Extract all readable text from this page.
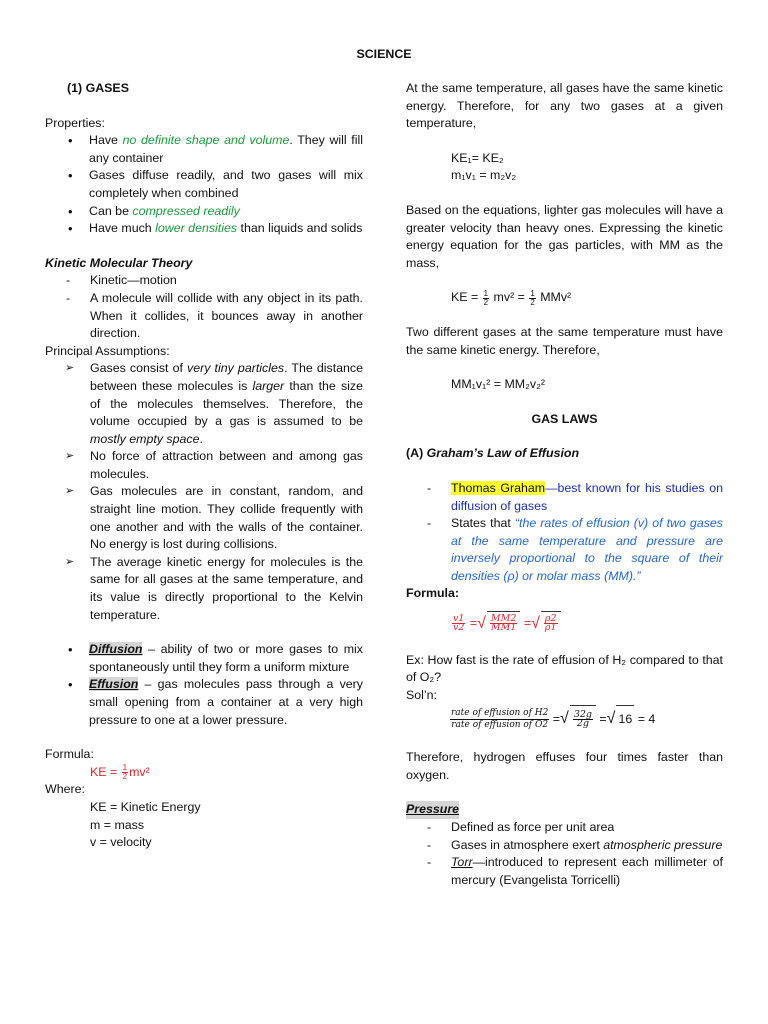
SCIENCE

(1) GASES

Properties:

• Have no definite shape and volume. They will fill any container
• Gases diffuse readily, and two gases will mix completely when combined
• Can be compressed readily
• Have much lower densities than liquids and solids

Kinetic Molecular Theory

- Kinetic—motion
- A molecule will collide with any object in its path. When it collides, it bounces away in another direction.

Principal Assumptions:

➢ Gases consist of very tiny particles. The distance between these molecules is larger than the size of the molecules themselves. Therefore, the volume occupied by a gas is assumed to be mostly empty space.
➢ No force of attraction between and among gas molecules.
➢ Gas molecules are in constant, random, and straight line motion. They collide frequently with one another and with the walls of the container. No energy is lost during collisions.
➢ The average kinetic energy for molecules is the same for all gases at the same temperature, and its value is directly proportional to the Kelvin temperature.
• Diffusion – ability of two or more gases to mix spontaneously until they form a uniform mixture
• Effusion – gas molecules pass through a very small opening from a container at a very high pressure to one at a lower pressure.

Formula:

KE = $\frac{1}{2} mv^2$

Where:

KE = Kinetic Energy

m = mass

v = velocity

At the same temperature, all gases have the same kinetic energy. Therefore, for any two gases at a given temperature,

KE₁= KE₂

m₁v₁ = m₂v₂

Based on the equations, lighter gas molecules will have a greater velocity than heavy ones. Expressing the kinetic energy equation for the gas particles, with MM as the mass,

KE = $\frac{1}{2} mv^2 = \frac{1}{2} MMv^2$

Two different gases at the same temperature must have the same kinetic energy. Therefore,

MM₁v₁² = MM₂v₂²

GAS LAWS

(A) Graham’s Law of Effusion

- Thomas Graham—best known for his studies on diffusion of gases
- States that “the rates of effusion (v) of two gases at the same temperature and pressure are inversely proportional to the square of their densities (ρ) or molar mass (MM).”

Formula:

$\frac{v1}{v2}$ =√ $\frac{MM2}{MM1}$ =√ $\frac{\rho 2}{\rho 1}$

Ex: How fast is the rate of effusion of H₂ compared to that of O₂?

Sol’n:

$\frac{\text{rate of effusion of H2}}{\text{rate of effusion of O2}}$ =√ $\frac{32g}{2g}$ =√ 16 = 4

Therefore, hydrogen effuses four times faster than oxygen.

Pressure

- Defined as force per unit area
- Gases in atmosphere exert atmospheric pressure
- Torr—introduced to represent each millimeter of mercury (Evangelista Torricelli)
